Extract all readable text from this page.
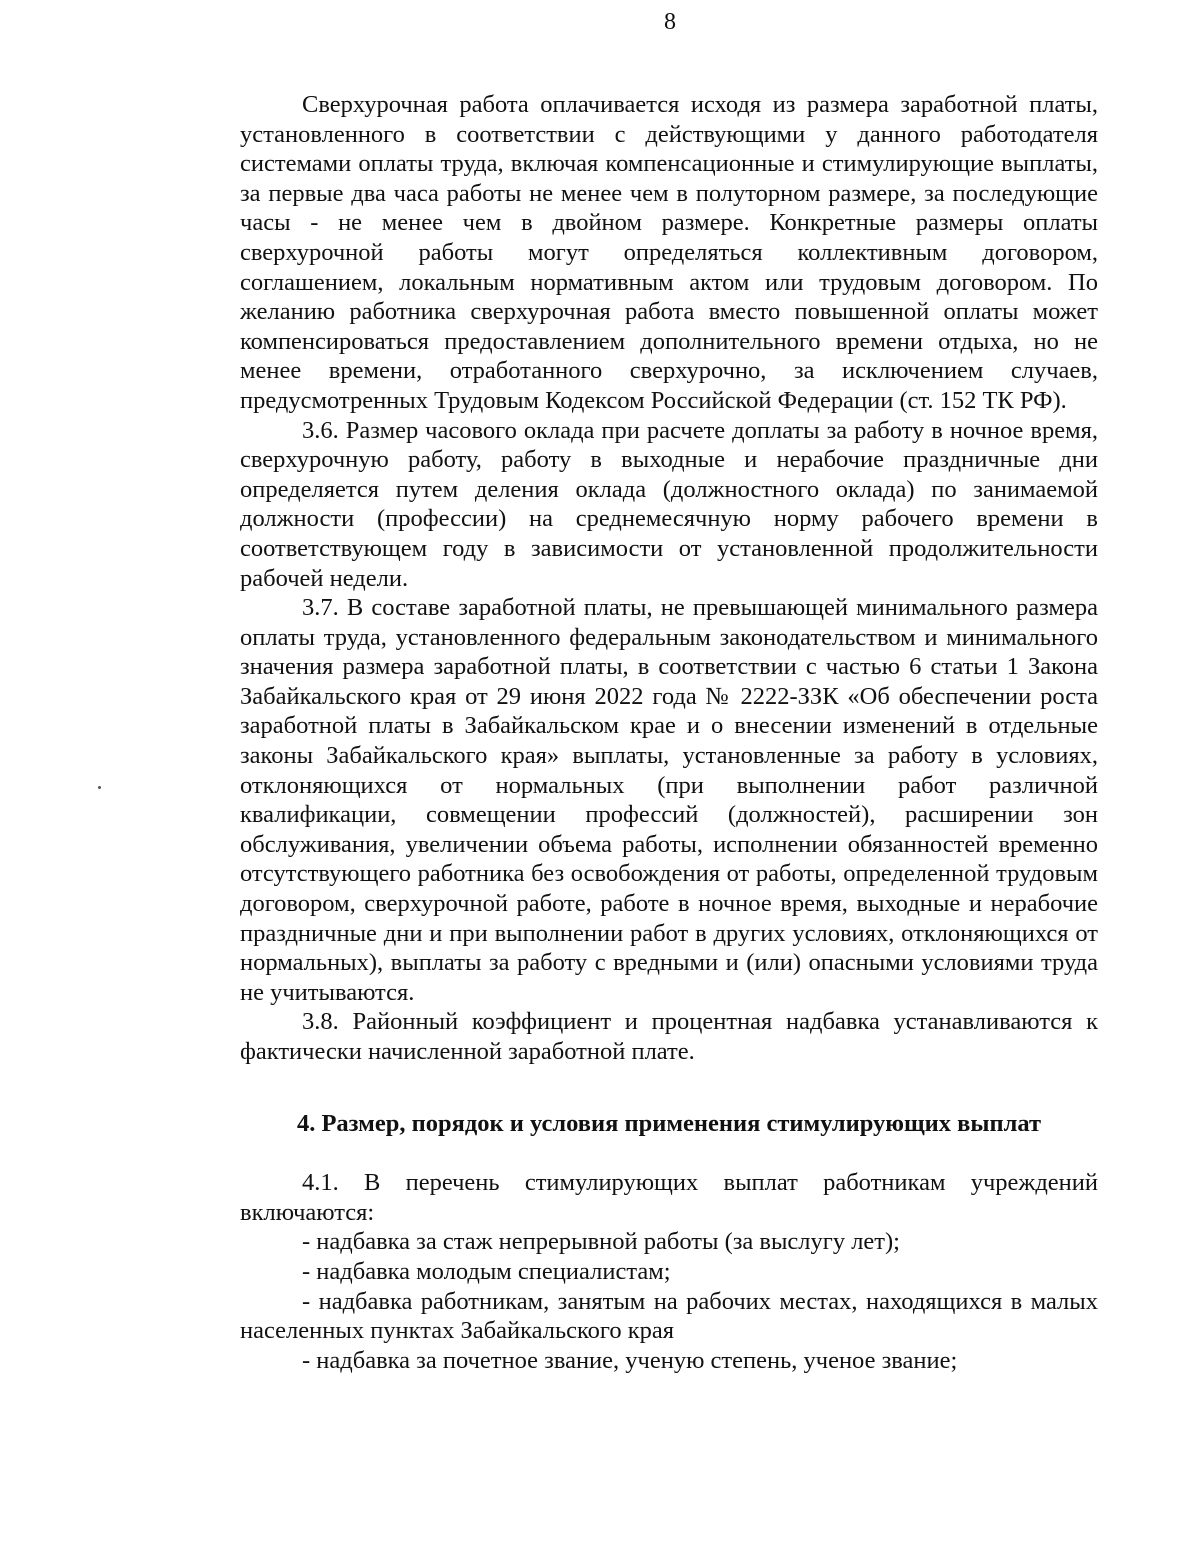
8

Сверхурочная работа оплачивается исходя из размера заработной платы, установленного в соответствии с действующими у данного работодателя системами оплаты труда, включая компенсационные и стимулирующие выплаты, за первые два часа работы не менее чем в полуторном размере, за последующие часы - не менее чем в двойном размере. Конкретные размеры оплаты сверхурочной работы могут определяться коллективным договором, соглашением, локальным нормативным актом или трудовым договором. По желанию работника сверхурочная работа вместо повышенной оплаты может компенсироваться предоставлением дополнительного времени отдыха, но не менее времени, отработанного сверхурочно, за исключением случаев, предусмотренных Трудовым Кодексом Российской Федерации (ст. 152 ТК РФ).

3.6. Размер часового оклада при расчете доплаты за работу в ночное время, сверхурочную работу, работу в выходные и нерабочие праздничные дни определяется путем деления оклада (должностного оклада) по занимаемой должности (профессии) на среднемесячную норму рабочего времени в соответствующем году в зависимости от установленной продолжительности рабочей недели.

3.7. В составе заработной платы, не превышающей минимального размера оплаты труда, установленного федеральным законодательством и минимального значения размера заработной платы, в соответствии с частью 6 статьи 1 Закона Забайкальского края от 29 июня 2022 года № 2222-ЗЗК «Об обеспечении роста заработной платы в Забайкальском крае и о внесении изменений в отдельные законы Забайкальского края» выплаты, установленные за работу в условиях, отклоняющихся от нормальных (при выполнении работ различной квалификации, совмещении профессий (должностей), расширении зон обслуживания, увеличении объема работы, исполнении обязанностей временно отсутствующего работника без освобождения от работы, определенной трудовым договором, сверхурочной работе, работе в ночное время, выходные и нерабочие праздничные дни и при выполнении работ в других условиях, отклоняющихся от нормальных), выплаты за работу с вредными и (или) опасными условиями труда не учитываются.

3.8. Районный коэффициент и процентная надбавка устанавливаются к фактически начисленной заработной плате.

4. Размер, порядок и условия применения стимулирующих выплат

4.1. В перечень стимулирующих выплат работникам учреждений включаются:

- надбавка за стаж непрерывной работы (за выслугу лет);

- надбавка молодым специалистам;

- надбавка работникам, занятым на рабочих местах, находящихся в малых населенных пунктах Забайкальского края

- надбавка за почетное звание, ученую степень, ученое звание;
